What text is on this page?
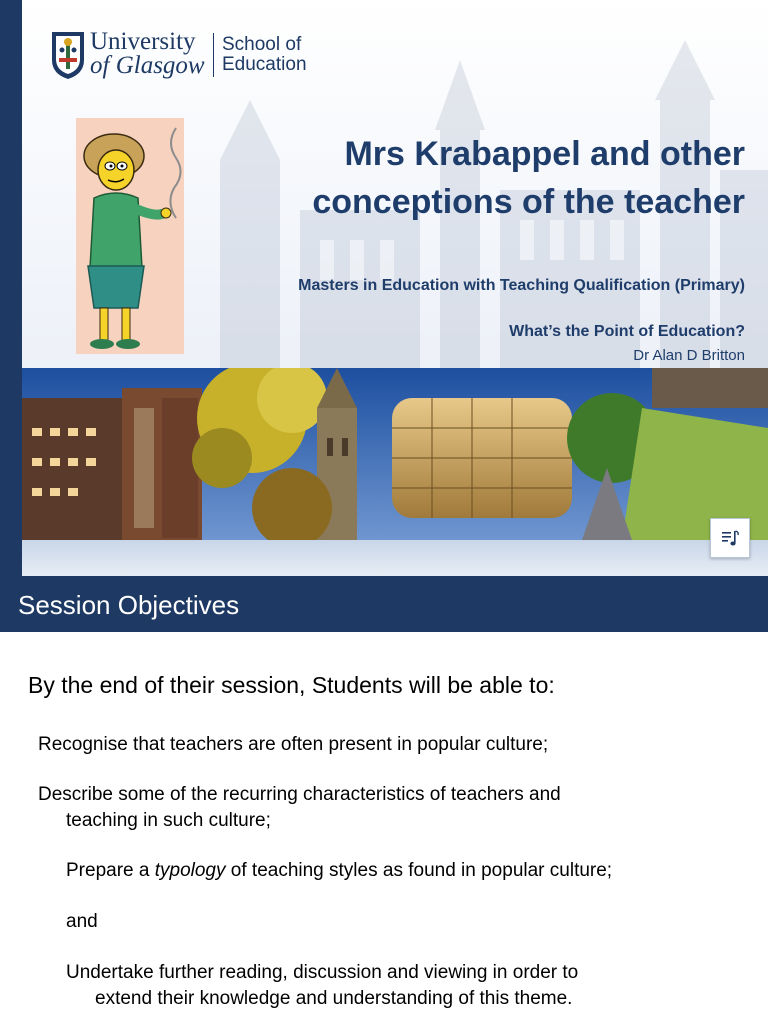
University
of Glasgow
School of
Education
Mrs Krabappel and other
conceptions of the teacher
Masters in Education with Teaching Qualification (Primary)
What’s the Point of Education?
Dr Alan D Britton
Session Objectives
By the end of their session, Students will be able to:
Recognise that teachers are often present in popular culture;
Describe some of the recurring characteristics of teachers and
teaching in such culture;
Prepare a typology of teaching styles as found in popular culture;
and
Undertake further reading, discussion and viewing in order to
extend their knowledge and understanding of this theme.
